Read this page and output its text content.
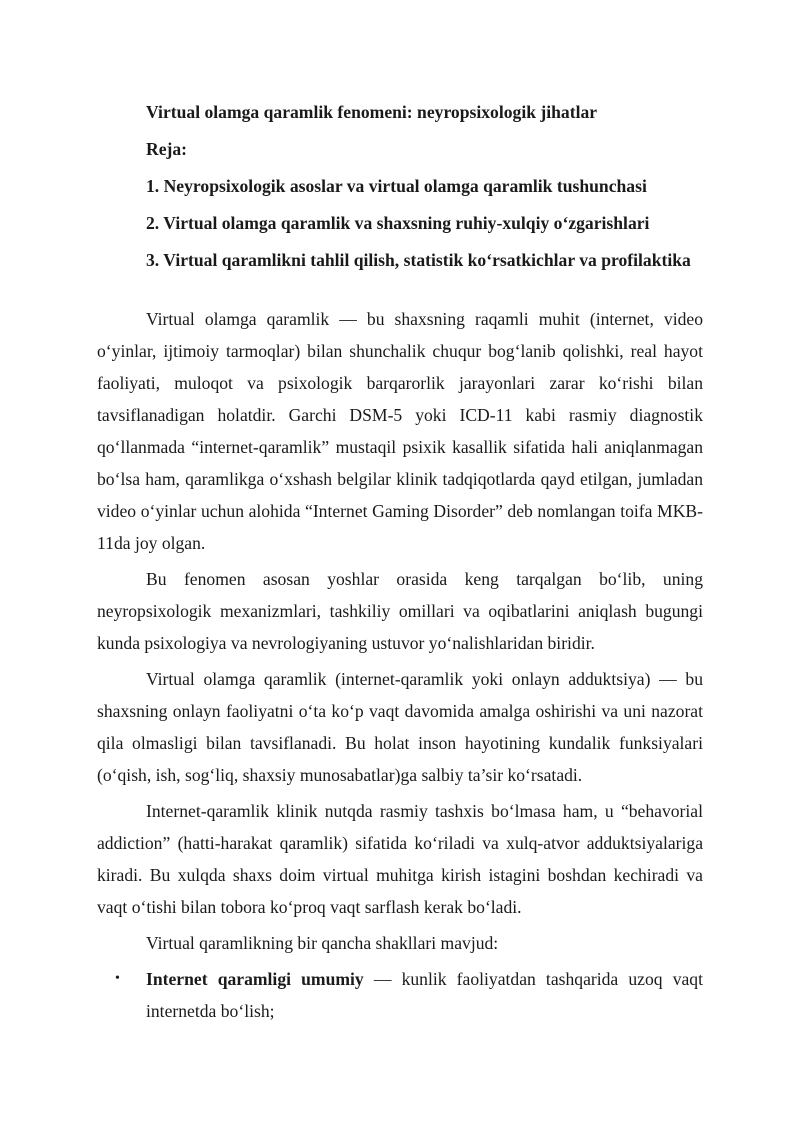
Virtual olamga qaramlik fenomeni: neyropsixologik jihatlar
Reja:
1. Neyropsixologik asoslar va virtual olamga qaramlik tushunchasi
2. Virtual olamga qaramlik va shaxsning ruhiy-xulqiy o‘zgarishlari
3. Virtual qaramlikni tahlil qilish, statistik ko‘rsatkichlar va profilaktika

Virtual olamga qaramlik — bu shaxsning raqamli muhit (internet, video o‘yinlar, ijtimoiy tarmoqlar) bilan shunchalik chuqur bog‘lanib qolishki, real hayot faoliyati, muloqot va psixologik barqarorlik jarayonlari zarar ko‘rishi bilan tavsiflanadigan holatdir. Garchi DSM-5 yoki ICD-11 kabi rasmiy diagnostik qo‘llanmada “internet-qaramlik” mustaqil psixik kasallik sifatida hali aniqlanmagan bo‘lsa ham, qaramlikga o‘xshash belgilar klinik tadqiqotlarda qayd etilgan, jumladan video o‘yinlar uchun alohida “Internet Gaming Disorder” deb nomlangan toifa MKB-11da joy olgan.

Bu fenomen asosan yoshlar orasida keng tarqalgan bo‘lib, uning neyropsixologik mexanizmlari, tashkiliy omillari va oqibatlarini aniqlash bugungi kunda psixologiya va nevrologiyaning ustuvor yo‘nalishlaridan biridir.

Virtual olamga qaramlik (internet-qaramlik yoki onlayn adduktsiya) — bu shaxsning onlayn faoliyatni o‘ta ko‘p vaqt davomida amalga oshirishi va uni nazorat qila olmasligi bilan tavsiflanadi. Bu holat inson hayotining kundalik funksiyalari (o‘qish, ish, sog‘liq, shaxsiy munosabatlar)ga salbiy ta’sir ko‘rsatadi.

Internet-qaramlik klinik nutqda rasmiy tashxis bo‘lmasa ham, u “behavorial addiction” (hatti-harakat qaramlik) sifatida ko‘riladi va xulq-atvor adduktsiyalariga kiradi. Bu xulqda shaxs doim virtual muhitga kirish istagini boshdan kechiradi va vaqt o‘tishi bilan tobora ko‘proq vaqt sarflash kerak bo‘ladi.

Virtual qaramlikning bir qancha shakllari mavjud:

• Internet qaramligi umumiy — kunlik faoliyatdan tashqarida uzoq vaqt internetda bo‘lish;
